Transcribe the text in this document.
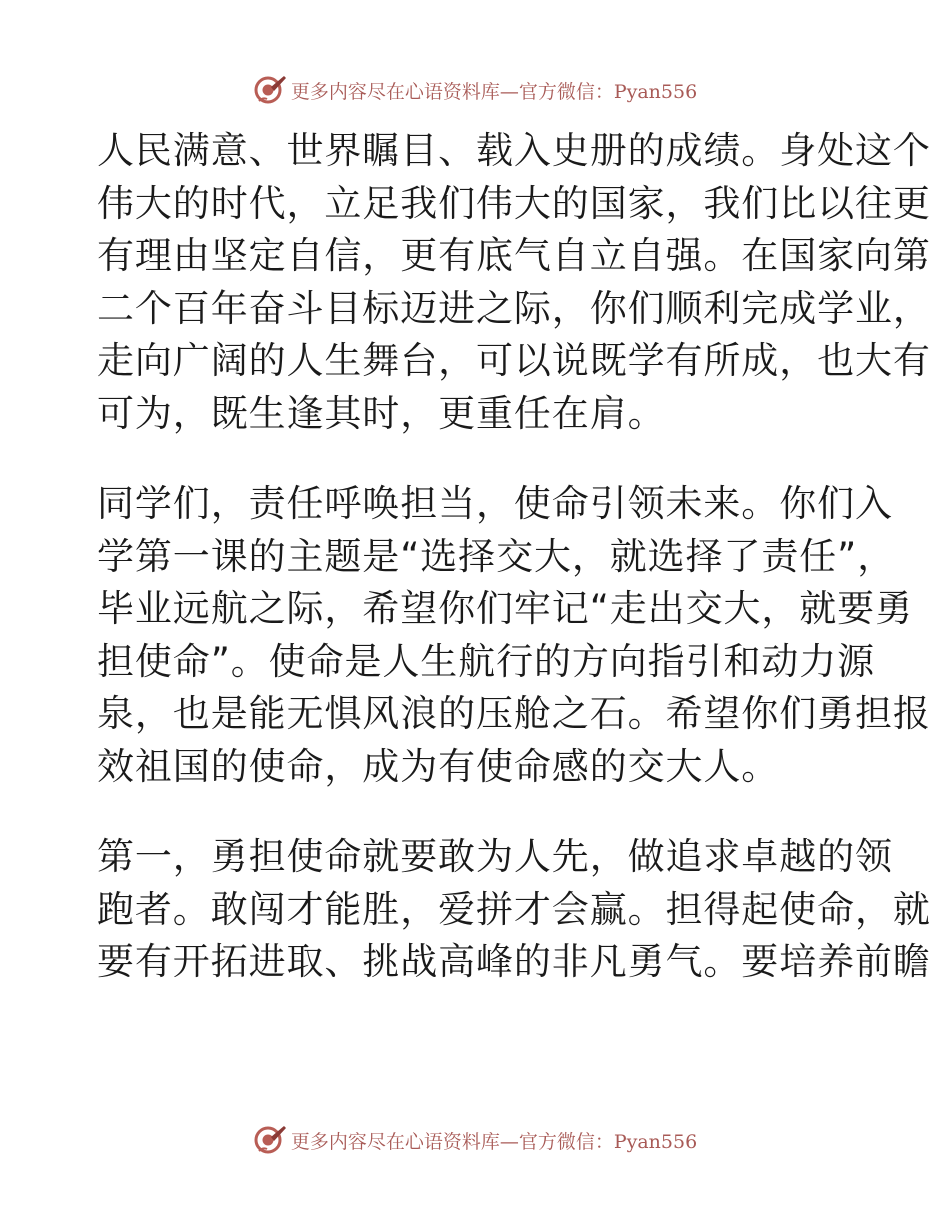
更多内容尽在心语资料库—官方微信：Pyan556
人民满意、世界瞩目、载入史册的成绩。身处这个
伟大的时代，立足我们伟大的国家，我们比以往更
有理由坚定自信，更有底气自立自强。在国家向第
二个百年奋斗目标迈进之际，你们顺利完成学业，
走向广阔的人生舞台，可以说既学有所成，也大有
可为，既生逢其时，更重任在肩。
同学们，责任呼唤担当，使命引领未来。你们入
学第一课的主题是“选择交大，就选择了责任”，
毕业远航之际，希望你们牢记“走出交大，就要勇
担使命”。使命是人生航行的方向指引和动力源
泉，也是能无惧风浪的压舱之石。希望你们勇担报
效祖国的使命，成为有使命感的交大人。
第一，勇担使命就要敢为人先，做追求卓越的领
跑者。敢闯才能胜，爱拼才会赢。担得起使命，就
要有开拓进取、挑战高峰的非凡勇气。要培养前瞻
更多内容尽在心语资料库—官方微信：Pyan556
